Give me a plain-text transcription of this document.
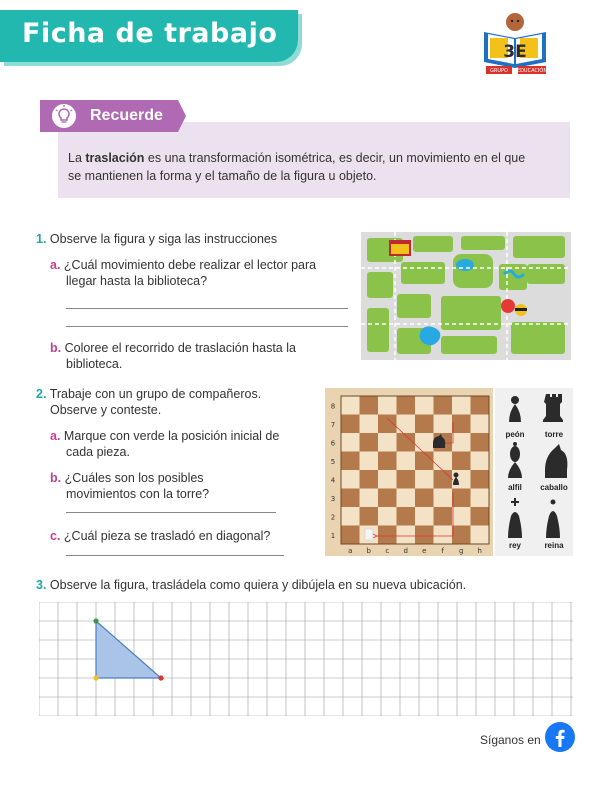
Ficha de trabajo
3E
GRUPO EDUCACIÓN
Recuerde
La traslación es una transformación isométrica, es decir, un movimiento en el que
se mantienen la forma y el tamaño de la figura u objeto.
1. Observe la figura y siga las instrucciones
a. ¿Cuál movimiento debe realizar el lector para
llegar hasta la biblioteca?
b. Coloree el recorrido de traslación hasta la
biblioteca.
2. Trabaje con un grupo de compañeros.
Observe y conteste.
a. Marque con verde la posición inicial de
cada pieza.
b. ¿Cuáles son los posibles
movimientos con la torre?
c. ¿Cuál pieza se trasladó en diagonal?
8
7
6
5
4
3
2
1
a b c d e f g h
peón	torre
alfil	caballo
rey	reina
3. Observe la figura, trasládela como quiera y dibújela en su nueva ubicación.
Síganos en
